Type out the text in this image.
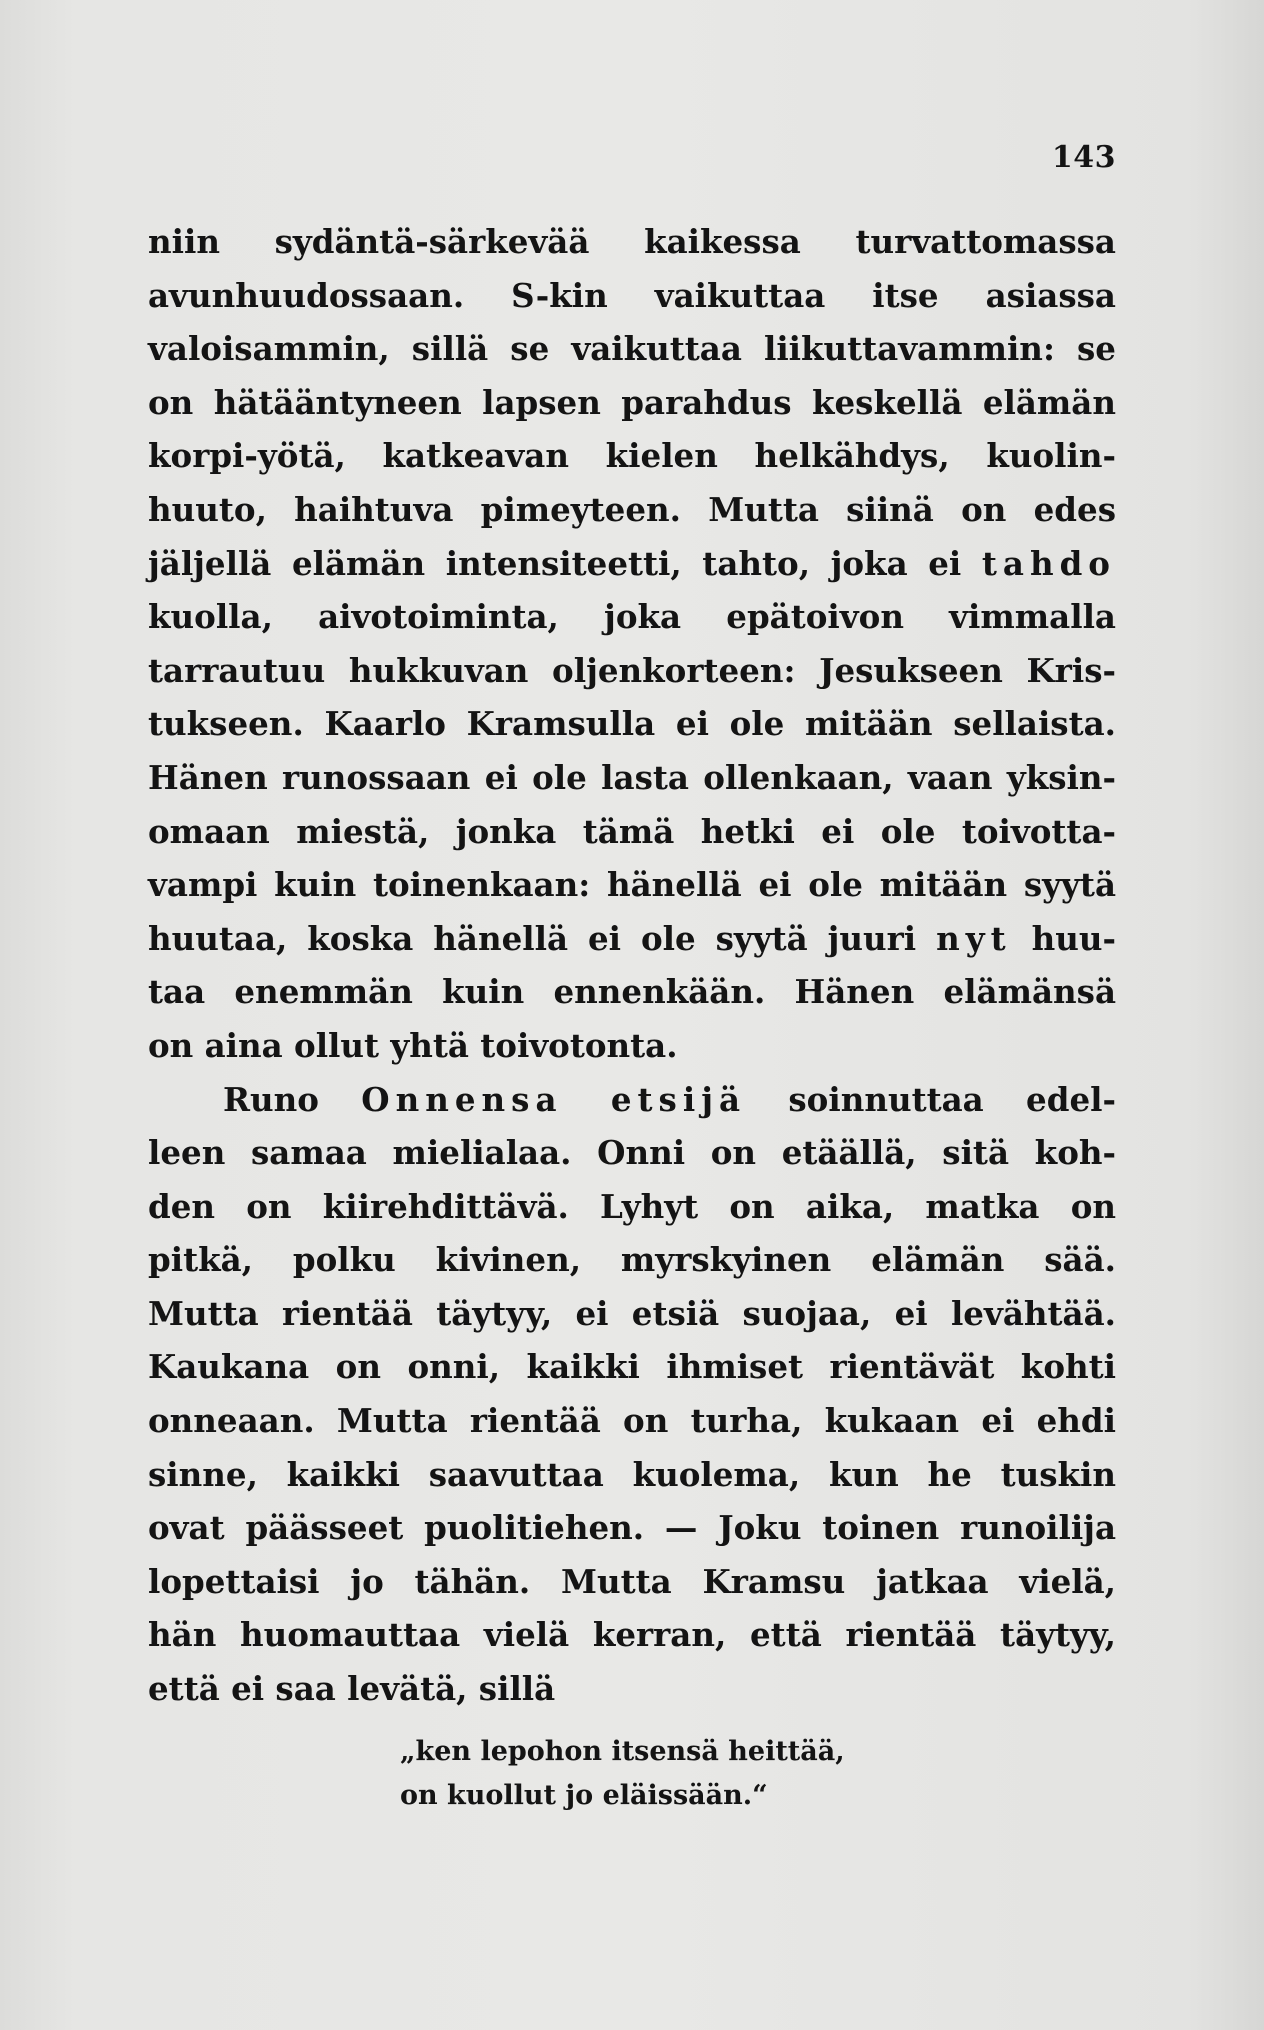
143
niin sydäntä-särkevää kaikessa turvattomassa
avunhuudossaan. S-kin vaikuttaa itse asiassa
valoisammin, sillä se vaikuttaa liikuttavammin: se
on hätääntyneen lapsen parahdus keskellä elämän
korpi-yötä, katkeavan kielen helkähdys, kuolin-
huuto, haihtuva pimeyteen. Mutta siinä on edes
jäljellä elämän intensiteetti, tahto, joka ei tahdo
kuolla, aivotoiminta, joka epätoivon vimmalla
tarrautuu hukkuvan oljenkorteen: Jesukseen Kris-
tukseen. Kaarlo Kramsulla ei ole mitään sellaista.
Hänen runossaan ei ole lasta ollenkaan, vaan yksin-
omaan miestä, jonka tämä hetki ei ole toivotta-
vampi kuin toinenkaan: hänellä ei ole mitään syytä
huutaa, koska hänellä ei ole syytä juuri nyt huu-
taa enemmän kuin ennenkään. Hänen elämänsä
on aina ollut yhtä toivotonta.
Runo Onnensa etsijä soinnuttaa edel-
leen samaa mielialaa. Onni on etäällä, sitä koh-
den on kiirehdittävä. Lyhyt on aika, matka on
pitkä, polku kivinen, myrskyinen elämän sää.
Mutta rientää täytyy, ei etsiä suojaa, ei levähtää.
Kaukana on onni, kaikki ihmiset rientävät kohti
onneaan. Mutta rientää on turha, kukaan ei ehdi
sinne, kaikki saavuttaa kuolema, kun he tuskin
ovat päässeet puolitiehen. — Joku toinen runoilija
lopettaisi jo tähän. Mutta Kramsu jatkaa vielä,
hän huomauttaa vielä kerran, että rientää täytyy,
että ei saa levätä, sillä
„ken lepohon itsensä heittää,
on kuollut jo eläissään.“
